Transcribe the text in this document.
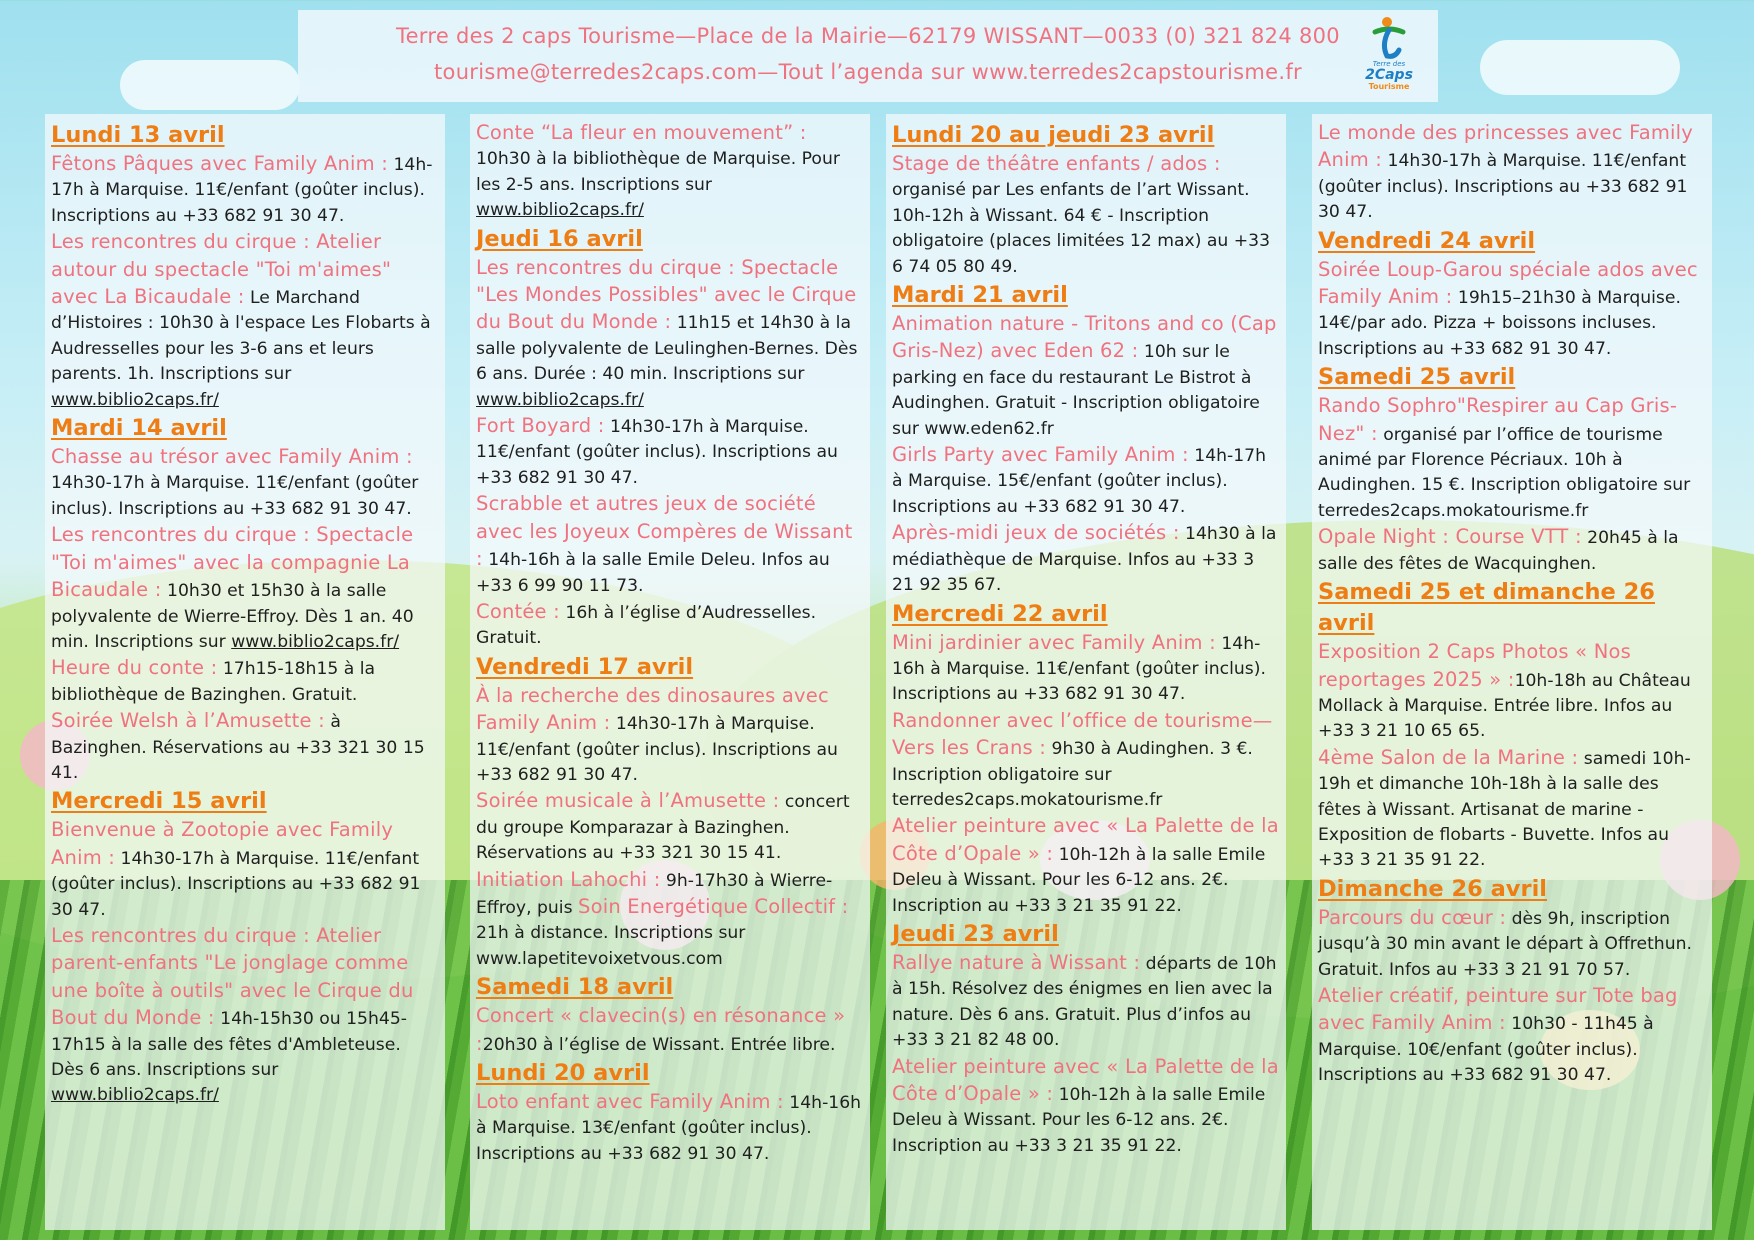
Terre des 2 caps Tourisme—Place de la Mairie—62179 WISSANT—0033 (0) 321 824 800
tourisme@terredes2caps.com—Tout l’agenda sur www.terredes2capstourisme.fr	Terre des
2Caps
Tourisme
Lundi 13 avril

Fêtons Pâques avec Family Anim : 14h-17h à Marquise. 11€/enfant (goûter inclus). Inscriptions au +33 682 91 30 47.

Les rencontres du cirque : Atelier autour du spectacle "Toi m'aimes" avec La Bicaudale : Le Marchand d’Histoires : 10h30 à l'espace Les Flobarts à Audresselles pour les 3-6 ans et leurs parents. 1h. Inscriptions sur www.biblio2caps.fr/

Mardi 14 avril

Chasse au trésor avec Family Anim : 14h30-17h à Marquise. 11€/enfant (goûter inclus). Inscriptions au +33 682 91 30 47.

Les rencontres du cirque : Spectacle "Toi m'aimes" avec la compagnie La Bicaudale : 10h30 et 15h30 à la salle polyvalente de Wierre-Effroy. Dès 1 an. 40 min. Inscriptions sur www.biblio2caps.fr/

Heure du conte : 17h15-18h15 à la bibliothèque de Bazinghen. Gratuit.

Soirée Welsh à l’Amusette : à Bazinghen. Réservations au +33 321 30 15 41.

Mercredi 15 avril

Bienvenue à Zootopie avec Family Anim : 14h30-17h à Marquise. 11€/enfant (goûter inclus). Inscriptions au +33 682 91 30 47.

Les rencontres du cirque : Atelier parent-enfants "Le jonglage comme une boîte à outils" avec le Cirque du Bout du Monde : 14h-15h30 ou 15h45-17h15 à la salle des fêtes d'Ambleteuse. Dès 6 ans. Inscriptions sur www.biblio2caps.fr/

Conte “La fleur en mouvement” : 10h30 à la bibliothèque de Marquise. Pour les 2-5 ans. Inscriptions sur www.biblio2caps.fr/

Jeudi 16 avril

Les rencontres du cirque : Spectacle "Les Mondes Possibles" avec le Cirque du Bout du Monde : 11h15 et 14h30 à la salle polyvalente de Leulinghen-Bernes. Dès 6 ans. Durée : 40 min. Inscriptions sur www.biblio2caps.fr/

Fort Boyard : 14h30-17h à Marquise. 11€/enfant (goûter inclus). Inscriptions au +33 682 91 30 47.

Scrabble et autres jeux de société avec les Joyeux Compères de Wissant : 14h-16h à la salle Emile Deleu. Infos au +33 6 99 90 11 73.

Contée : 16h à l’église d’Audresselles. Gratuit.

Vendredi 17 avril

À la recherche des dinosaures avec Family Anim : 14h30-17h à Marquise. 11€/enfant (goûter inclus). Inscriptions au +33 682 91 30 47.

Soirée musicale à l’Amusette : concert du groupe Komparazar à Bazinghen. Réservations au +33 321 30 15 41.

Initiation Lahochi : 9h-17h30 à Wierre-Effroy, puis Soin Energétique Collectif : 21h à distance. Inscriptions sur www.lapetitevoixetvous.com

Samedi 18 avril

Concert « clavecin(s) en résonance » :20h30 à l’église de Wissant. Entrée libre.

Lundi 20 avril

Loto enfant avec Family Anim : 14h-16h à Marquise. 13€/enfant (goûter inclus). Inscriptions au +33 682 91 30 47.

Lundi 20 au jeudi 23 avril

Stage de théâtre enfants / ados : organisé par Les enfants de l’art Wissant. 10h-12h à Wissant. 64 € - Inscription obligatoire (places limitées 12 max) au +33 6 74 05 80 49.

Mardi 21 avril

Animation nature - Tritons and co (Cap Gris-Nez) avec Eden 62 : 10h sur le parking en face du restaurant Le Bistrot à Audinghen. Gratuit - Inscription obligatoire sur www.eden62.fr

Girls Party avec Family Anim : 14h-17h à Marquise. 15€/enfant (goûter inclus). Inscriptions au +33 682 91 30 47.

Après-midi jeux de sociétés : 14h30 à la médiathèque de Marquise. Infos au +33 3 21 92 35 67.

Mercredi 22 avril

Mini jardinier avec Family Anim : 14h-16h à Marquise. 11€/enfant (goûter inclus). Inscriptions au +33 682 91 30 47.

Randonner avec l’office de tourisme—Vers les Crans : 9h30 à Audinghen. 3 €. Inscription obligatoire sur terredes2caps.mokatourisme.fr

Atelier peinture avec « La Palette de la Côte d’Opale » : 10h-12h à la salle Emile Deleu à Wissant. Pour les 6-12 ans. 2€. Inscription au +33 3 21 35 91 22.

Jeudi 23 avril

Rallye nature à Wissant : départs de 10h à 15h. Résolvez des énigmes en lien avec la nature. Dès 6 ans. Gratuit. Plus d’infos au +33 3 21 82 48 00.

Atelier peinture avec « La Palette de la Côte d’Opale » : 10h-12h à la salle Emile Deleu à Wissant. Pour les 6-12 ans. 2€. Inscription au +33 3 21 35 91 22.

Le monde des princesses avec Family Anim : 14h30-17h à Marquise. 11€/enfant (goûter inclus). Inscriptions au +33 682 91 30 47.

Vendredi 24 avril

Soirée Loup-Garou spéciale ados avec Family Anim : 19h15–21h30 à Marquise. 14€/par ado. Pizza + boissons incluses. Inscriptions au +33 682 91 30 47.

Samedi 25 avril

Rando Sophro"Respirer au Cap Gris-Nez" : organisé par l’office de tourisme animé par Florence Pécriaux. 10h à Audinghen. 15 €. Inscription obligatoire sur terredes2caps.mokatourisme.fr

Opale Night : Course VTT : 20h45 à la salle des fêtes de Wacquinghen.

Samedi 25 et dimanche 26 avril

Exposition 2 Caps Photos « Nos reportages 2025 » :10h-18h au Château Mollack à Marquise. Entrée libre. Infos au +33 3 21 10 65 65.

4ème Salon de la Marine : samedi 10h-19h et dimanche 10h-18h à la salle des fêtes à Wissant. Artisanat de marine - Exposition de flobarts - Buvette. Infos au +33 3 21 35 91 22.

Dimanche 26 avril

Parcours du cœur : dès 9h, inscription jusqu’à 30 min avant le départ à Offrethun. Gratuit. Infos au +33 3 21 91 70 57.

Atelier créatif, peinture sur Tote bag avec Family Anim : 10h30 - 11h45 à Marquise. 10€/enfant (goûter inclus). Inscriptions au +33 682 91 30 47.
